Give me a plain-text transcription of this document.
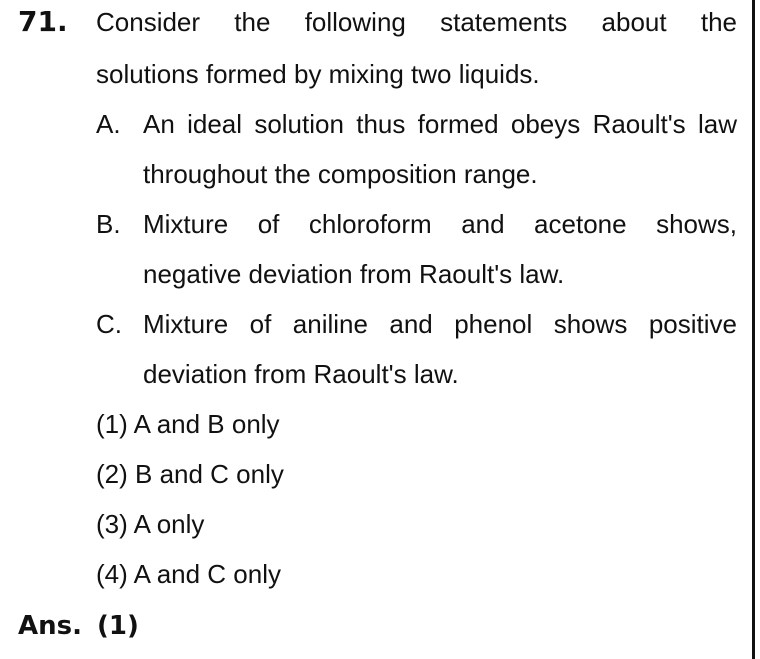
71. Consider the following statements about the
solutions formed by mixing two liquids.
A. An ideal solution thus formed obeys Raoult's law
throughout the composition range.
B. Mixture of chloroform and acetone shows,
negative deviation from Raoult's law.
C. Mixture of aniline and phenol shows positive
deviation from Raoult's law.
(1) A and B only
(2) B and C only
(3) A only
(4) A and C only
Ans. (1)
